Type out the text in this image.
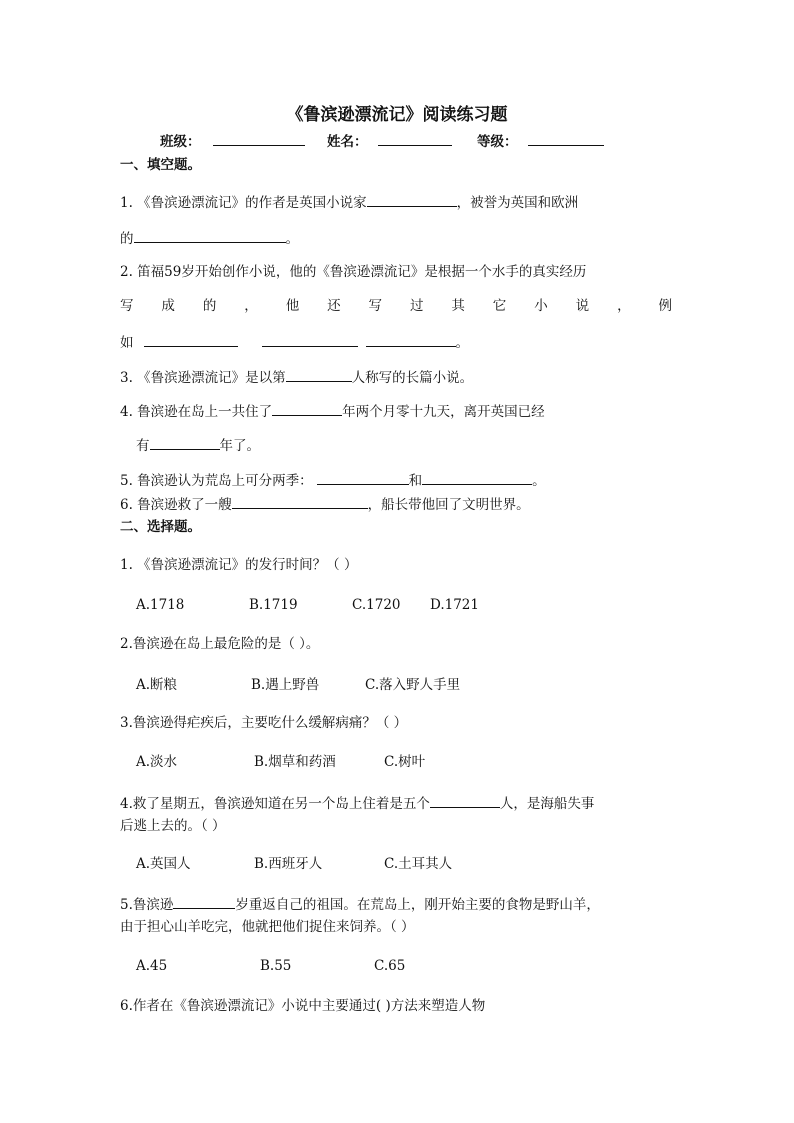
《鲁滨逊漂流记》阅读练习题
班级：	姓名：	等级：
一、填空题。
1. 《鲁滨逊漂流记》的作者是英国小说家	，被誉为英国和欧洲
的	。
2. 笛福59岁开始创作小说，他的《鲁滨逊漂流记》是根据一个水手的真实经历
写 成 的 ， 他 还 写 过 其 它 小 说 ， 例
如	。
3. 《鲁滨逊漂流记》是以第	人称写的长篇小说。
4. 鲁滨逊在岛上一共住了	年两个月零十九天，离开英国已经
有	年了。
5. 鲁滨逊认为荒岛上可分两季：	和	。
6. 鲁滨逊救了一艘	，船长带他回了文明世界。
二、选择题。
1. 《鲁滨逊漂流记》的发行时间？（ ）
A.1718	B.1719	C.1720 D.1721
2.鲁滨逊在岛上最危险的是（ ）。
A.断粮	B.遇上野兽	C.落入野人手里
3.鲁滨逊得疟疾后，主要吃什么缓解病痛？（ ）
A.淡水	B.烟草和药酒	C.树叶
4.救了星期五，鲁滨逊知道在另一个岛上住着是五个	人，是海船失事
后逃上去的。（ ）
A.英国人	B.西班牙人	C.土耳其人
5.鲁滨逊	岁重返自己的祖国。在荒岛上，刚开始主要的食物是野山羊，
由于担心山羊吃完，他就把他们捉住来饲养。（ ）
A.45	B.55	C.65
6.作者在《鲁滨逊漂流记》小说中主要通过( )方法来塑造人物
